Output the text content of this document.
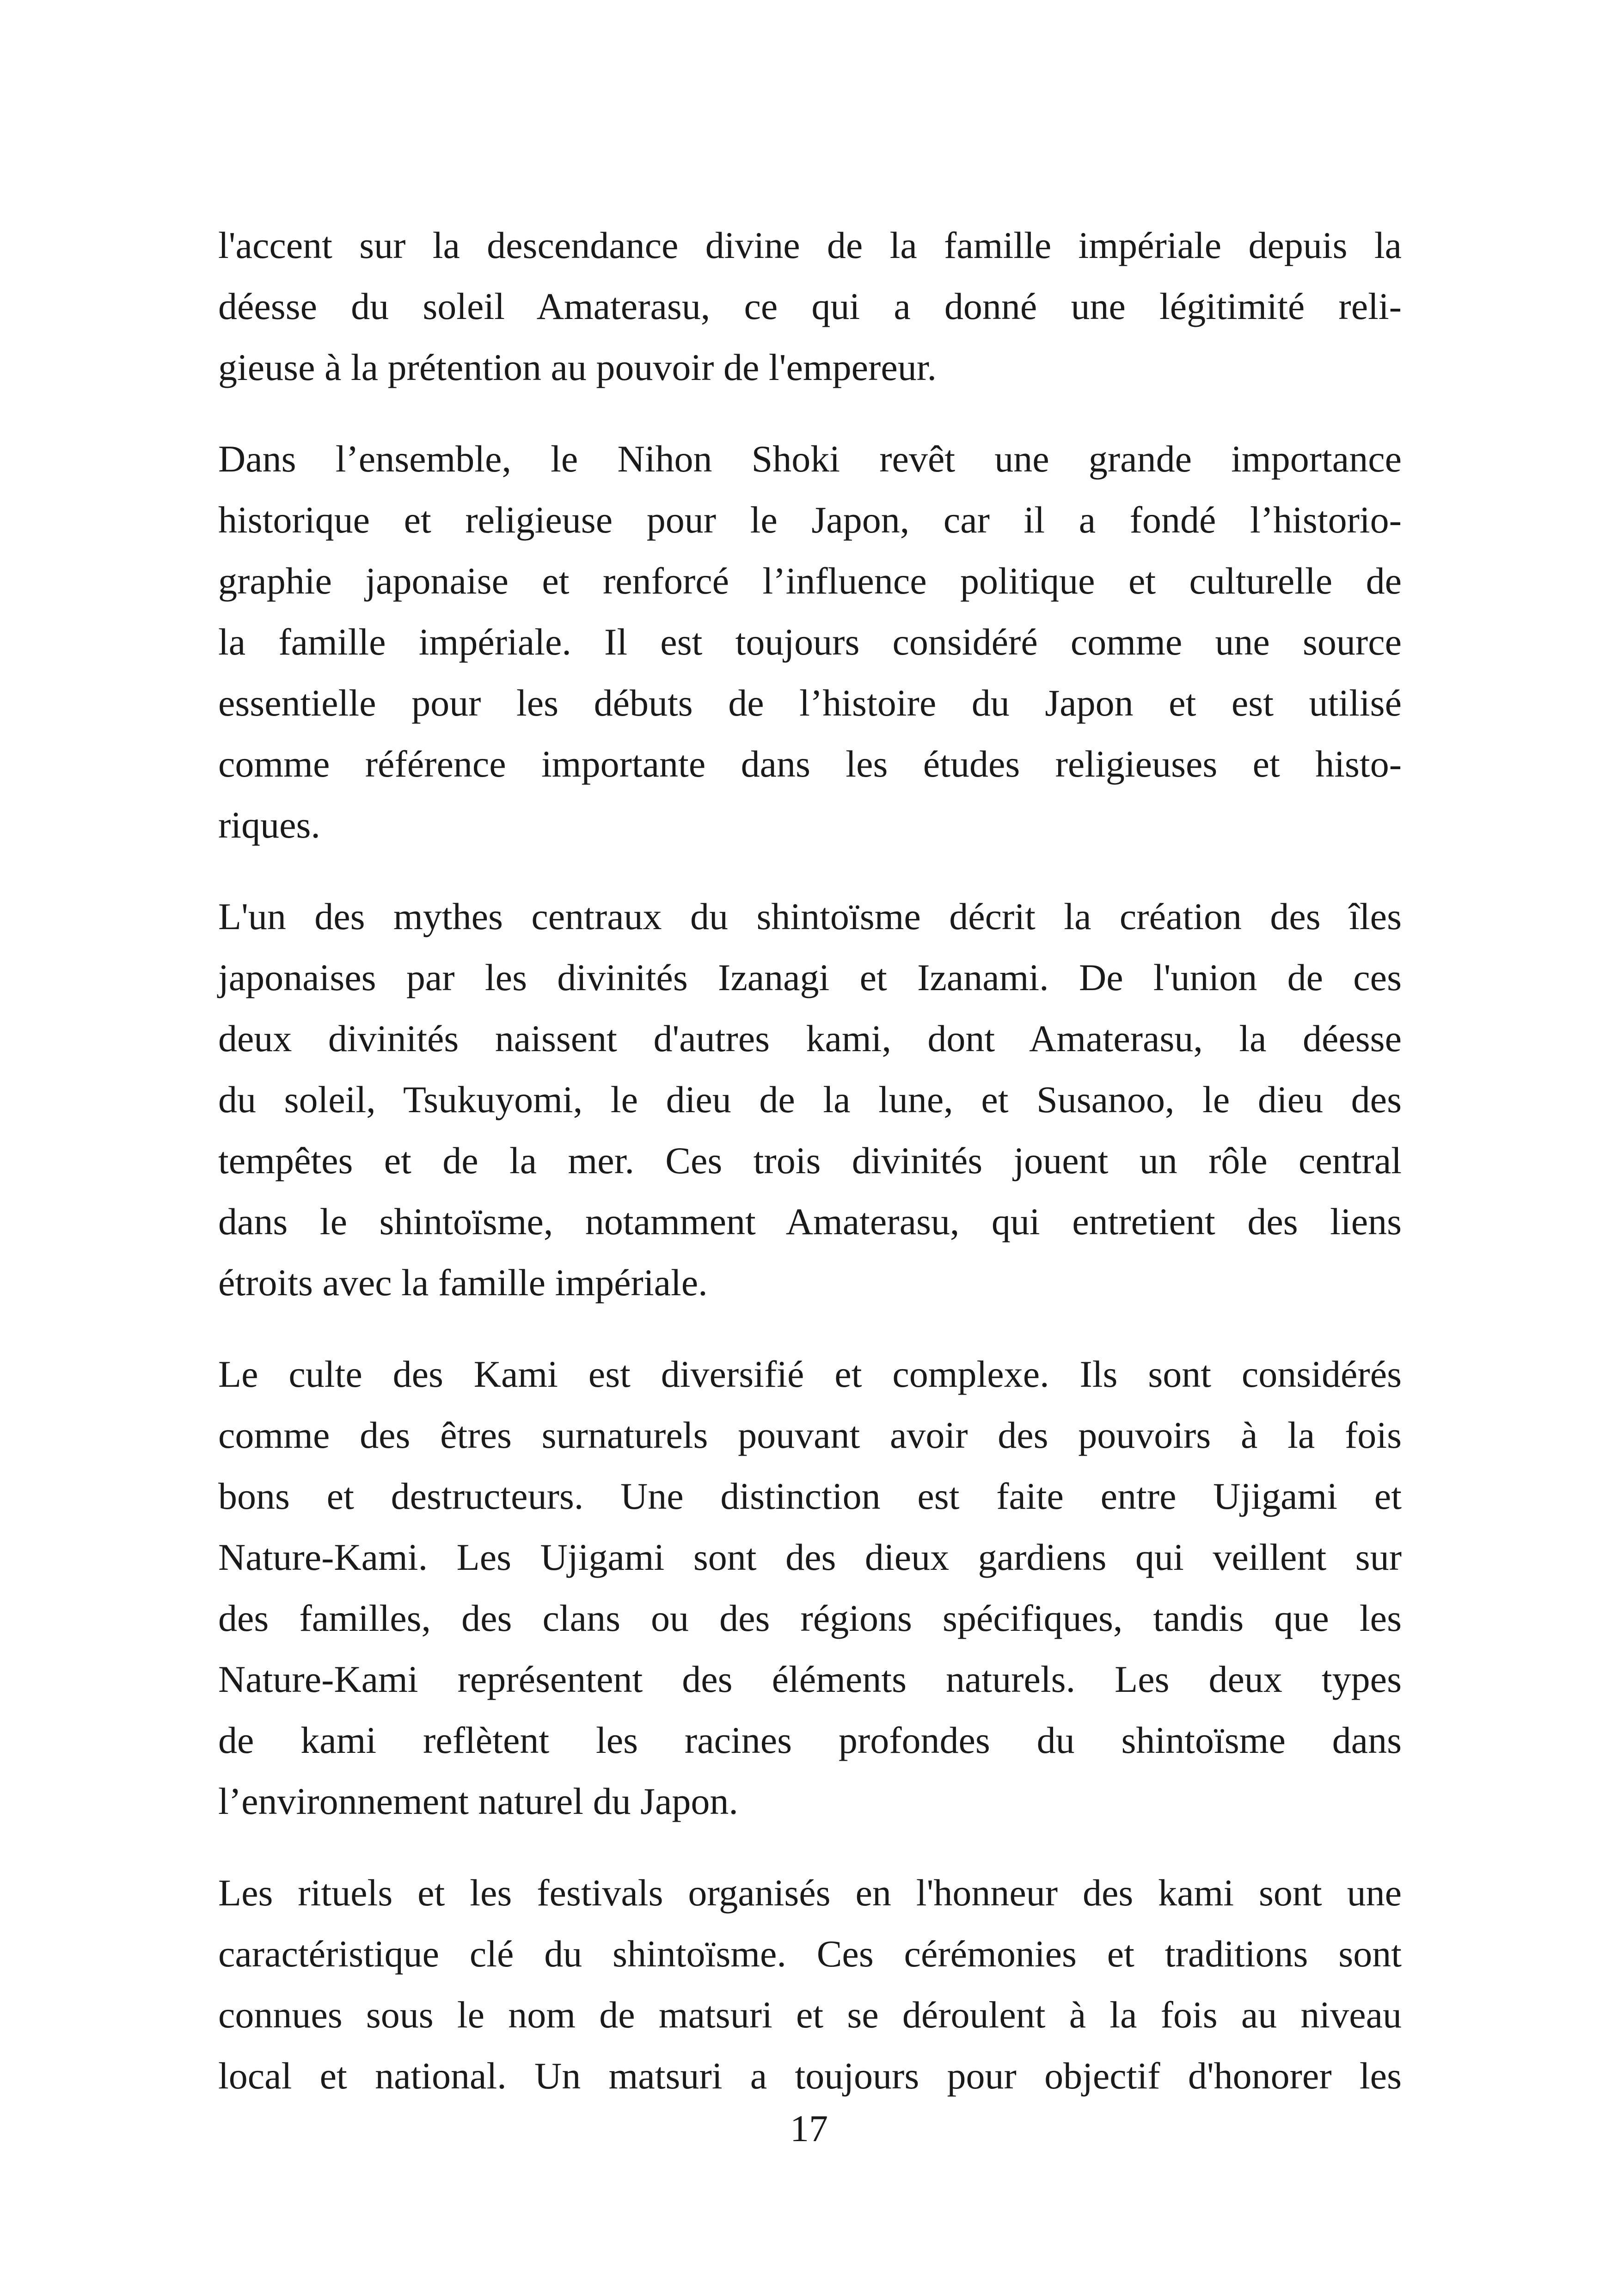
l'accent sur la descendance divine de la famille impériale depuis la
déesse du soleil Amaterasu, ce qui a donné une légitimité reli-
gieuse à la prétention au pouvoir de l'empereur.

Dans l’ensemble, le Nihon Shoki revêt une grande importance
historique et religieuse pour le Japon, car il a fondé l’historio-
graphie japonaise et renforcé l’influence politique et culturelle de
la famille impériale. Il est toujours considéré comme une source
essentielle pour les débuts de l’histoire du Japon et est utilisé
comme référence importante dans les études religieuses et histo-
riques.

L'un des mythes centraux du shintoïsme décrit la création des îles
japonaises par les divinités Izanagi et Izanami. De l'union de ces
deux divinités naissent d'autres kami, dont Amaterasu, la déesse
du soleil, Tsukuyomi, le dieu de la lune, et Susanoo, le dieu des
tempêtes et de la mer. Ces trois divinités jouent un rôle central
dans le shintoïsme, notamment Amaterasu, qui entretient des liens
étroits avec la famille impériale.

Le culte des Kami est diversifié et complexe. Ils sont considérés
comme des êtres surnaturels pouvant avoir des pouvoirs à la fois
bons et destructeurs. Une distinction est faite entre Ujigami et
Nature-Kami. Les Ujigami sont des dieux gardiens qui veillent sur
des familles, des clans ou des régions spécifiques, tandis que les
Nature-Kami représentent des éléments naturels. Les deux types
de kami reflètent les racines profondes du shintoïsme dans
l’environnement naturel du Japon.

Les rituels et les festivals organisés en l'honneur des kami sont une
caractéristique clé du shintoïsme. Ces cérémonies et traditions sont
connues sous le nom de matsuri et se déroulent à la fois au niveau
local et national. Un matsuri a toujours pour objectif d'honorer les

17
